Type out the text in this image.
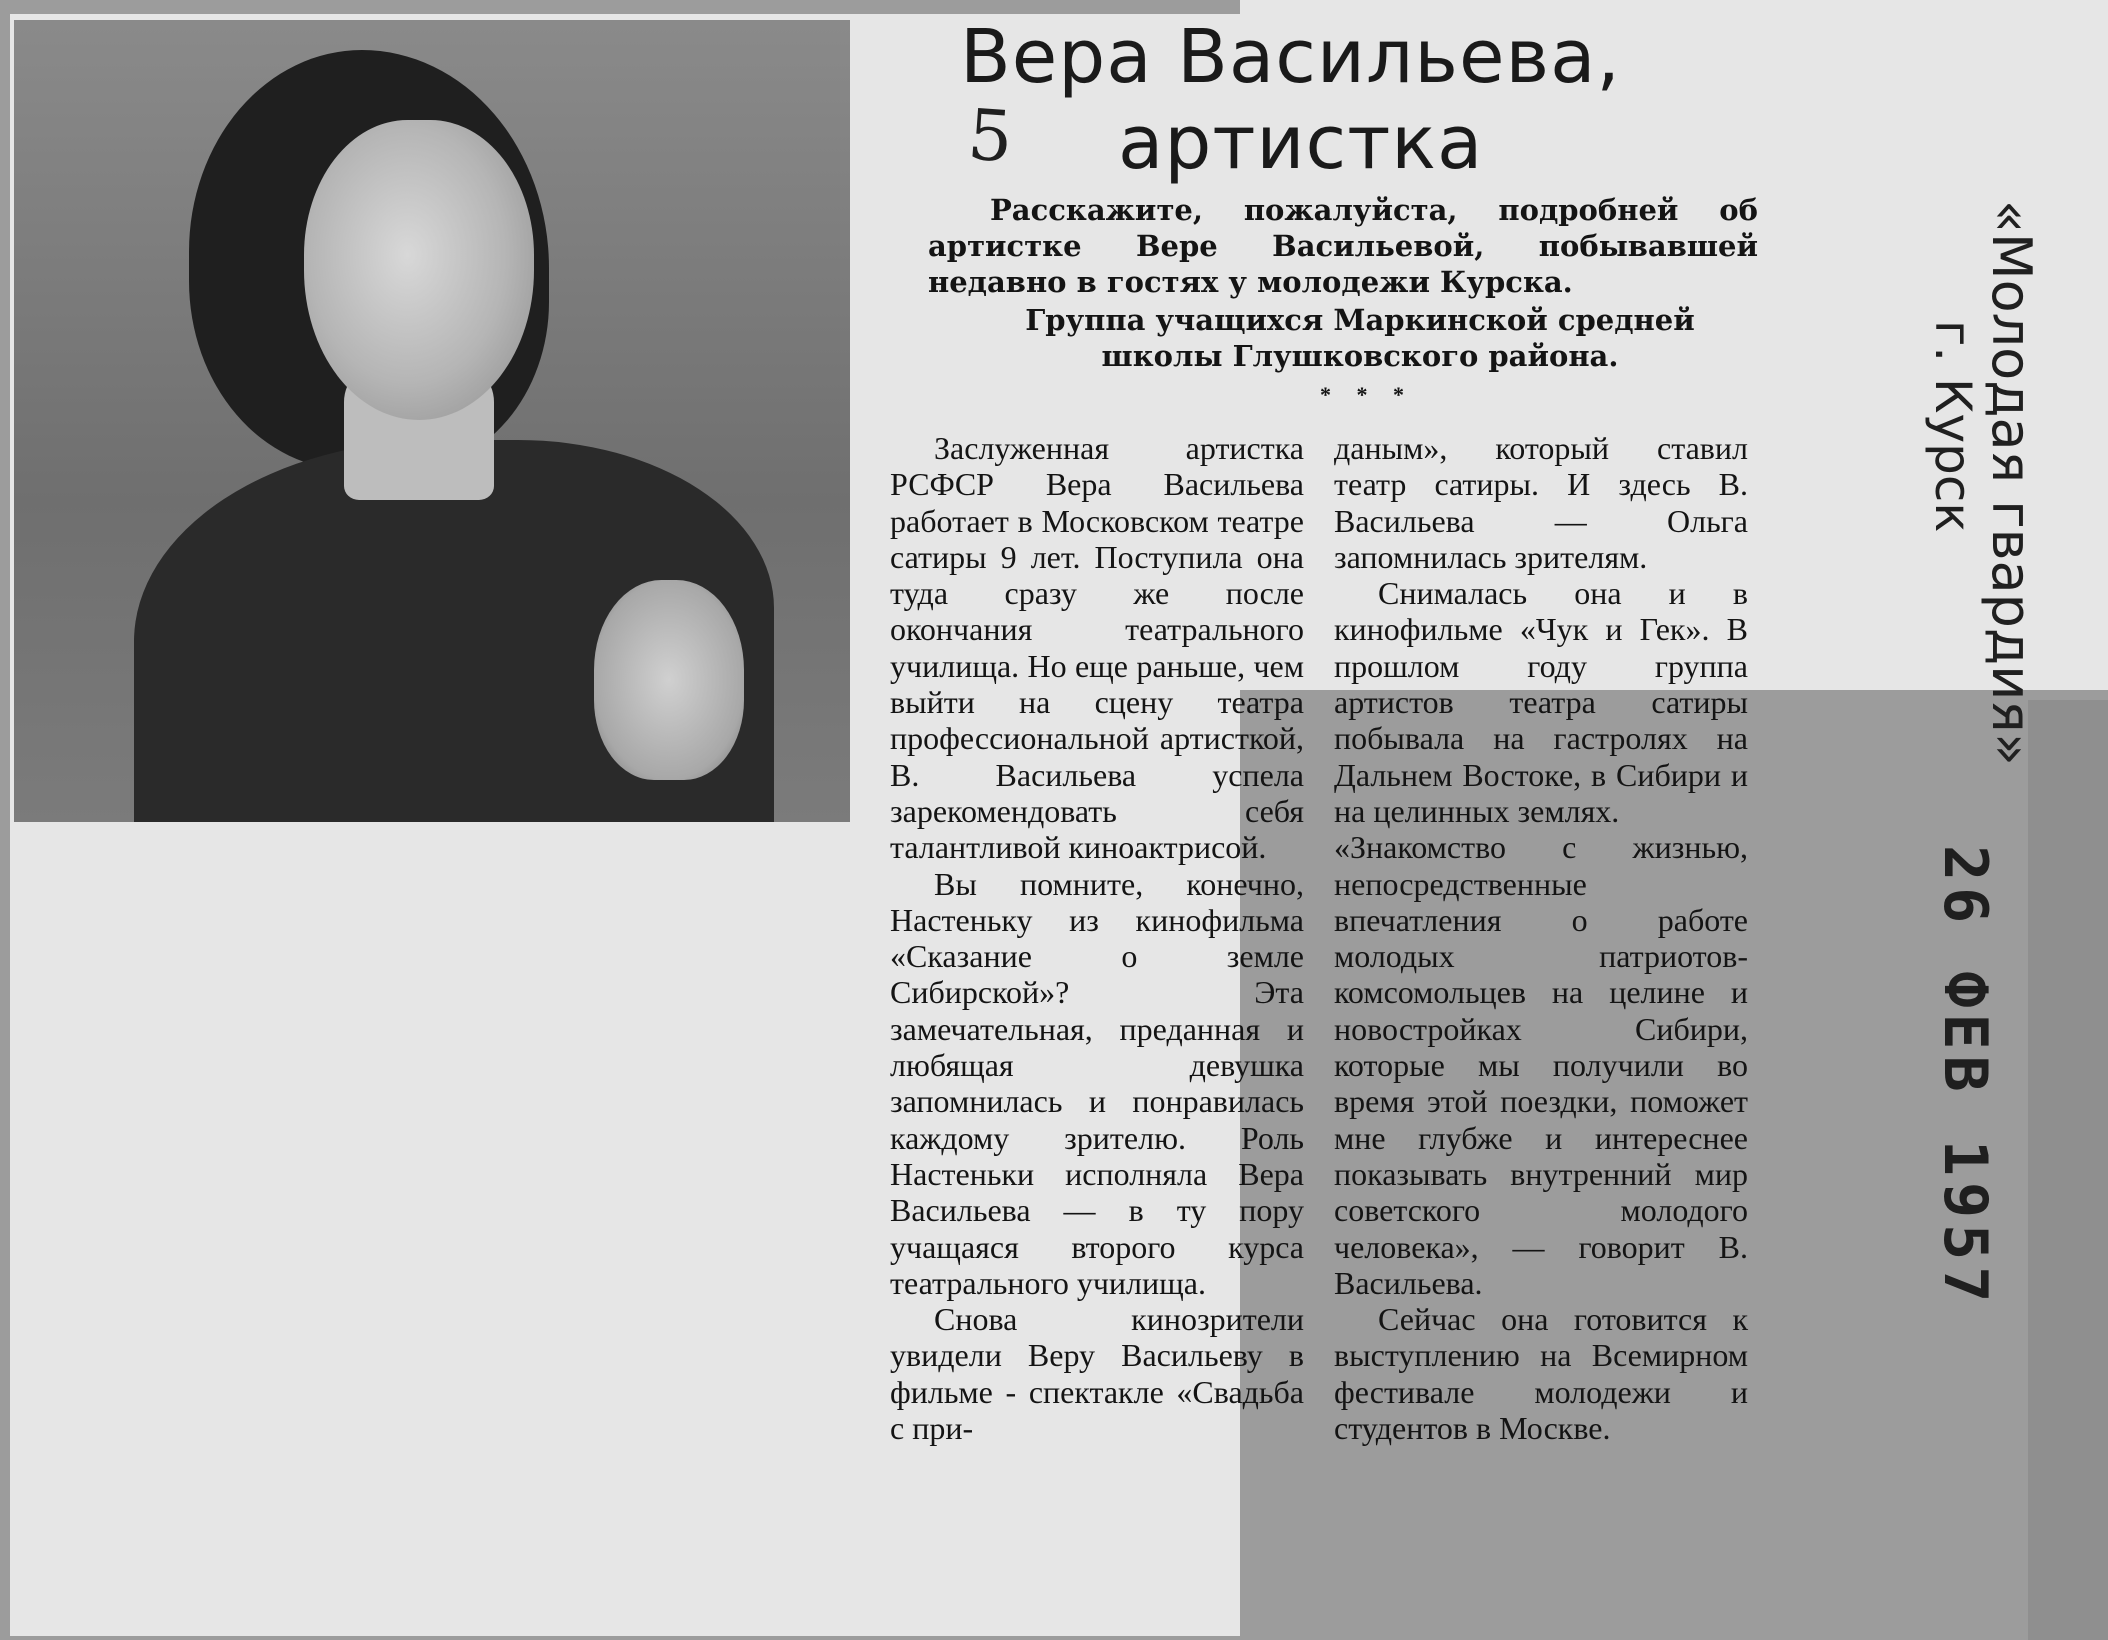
Вера Васильева,
артистка
5
Расскажите, пожалуйста, подробней об артистке Вере Васильевой, побывавшей недавно в гостях у молодежи Курска.
Группа учащихся Маркинской средней школы Глушковского района.
* * *

Заслуженная артистка РСФСР Вера Васильева работает в Московском театре сатиры 9 лет. Поступила она туда сразу же после окончания театрального училища. Но еще раньше, чем выйти на сцену театра профессиональной артисткой, В. Васильева успела зарекомендовать себя талантливой киноактрисой.

Вы помните, конечно, Настеньку из кинофильма «Сказание о земле Сибирской»? Эта замечательная, преданная и любящая девушка запомнилась и понравилась каждому зрителю. Роль Настеньки исполняла Вера Васильева — в ту пору учащаяся второго курса театрального училища.

Снова кинозрители увидели Веру Васильеву в фильме - спектакле «Свадьба с при-

даным», который ставил театр сатиры. И здесь В. Васильева — Ольга запомнилась зрителям.

Снималась она и в кинофильме «Чук и Гек». В прошлом году группа артистов театра сатиры побывала на гастролях на Дальнем Востоке, в Сибири и на целинных землях.

«Знакомство с жизнью, непосредственные впечатления о работе молодых патриотов-комсомольцев на целине и новостройках Сибири, которые мы получили во время этой поездки, поможет мне глубже и интереснее показывать внутренний мир советского молодого человека», — говорит В. Васильева.

Сейчас она готовится к выступлению на Всемирном фестивале молодежи и студентов в Москве.

«Молодая гвардия»
г. Курск
26 ФЕВ 1957
